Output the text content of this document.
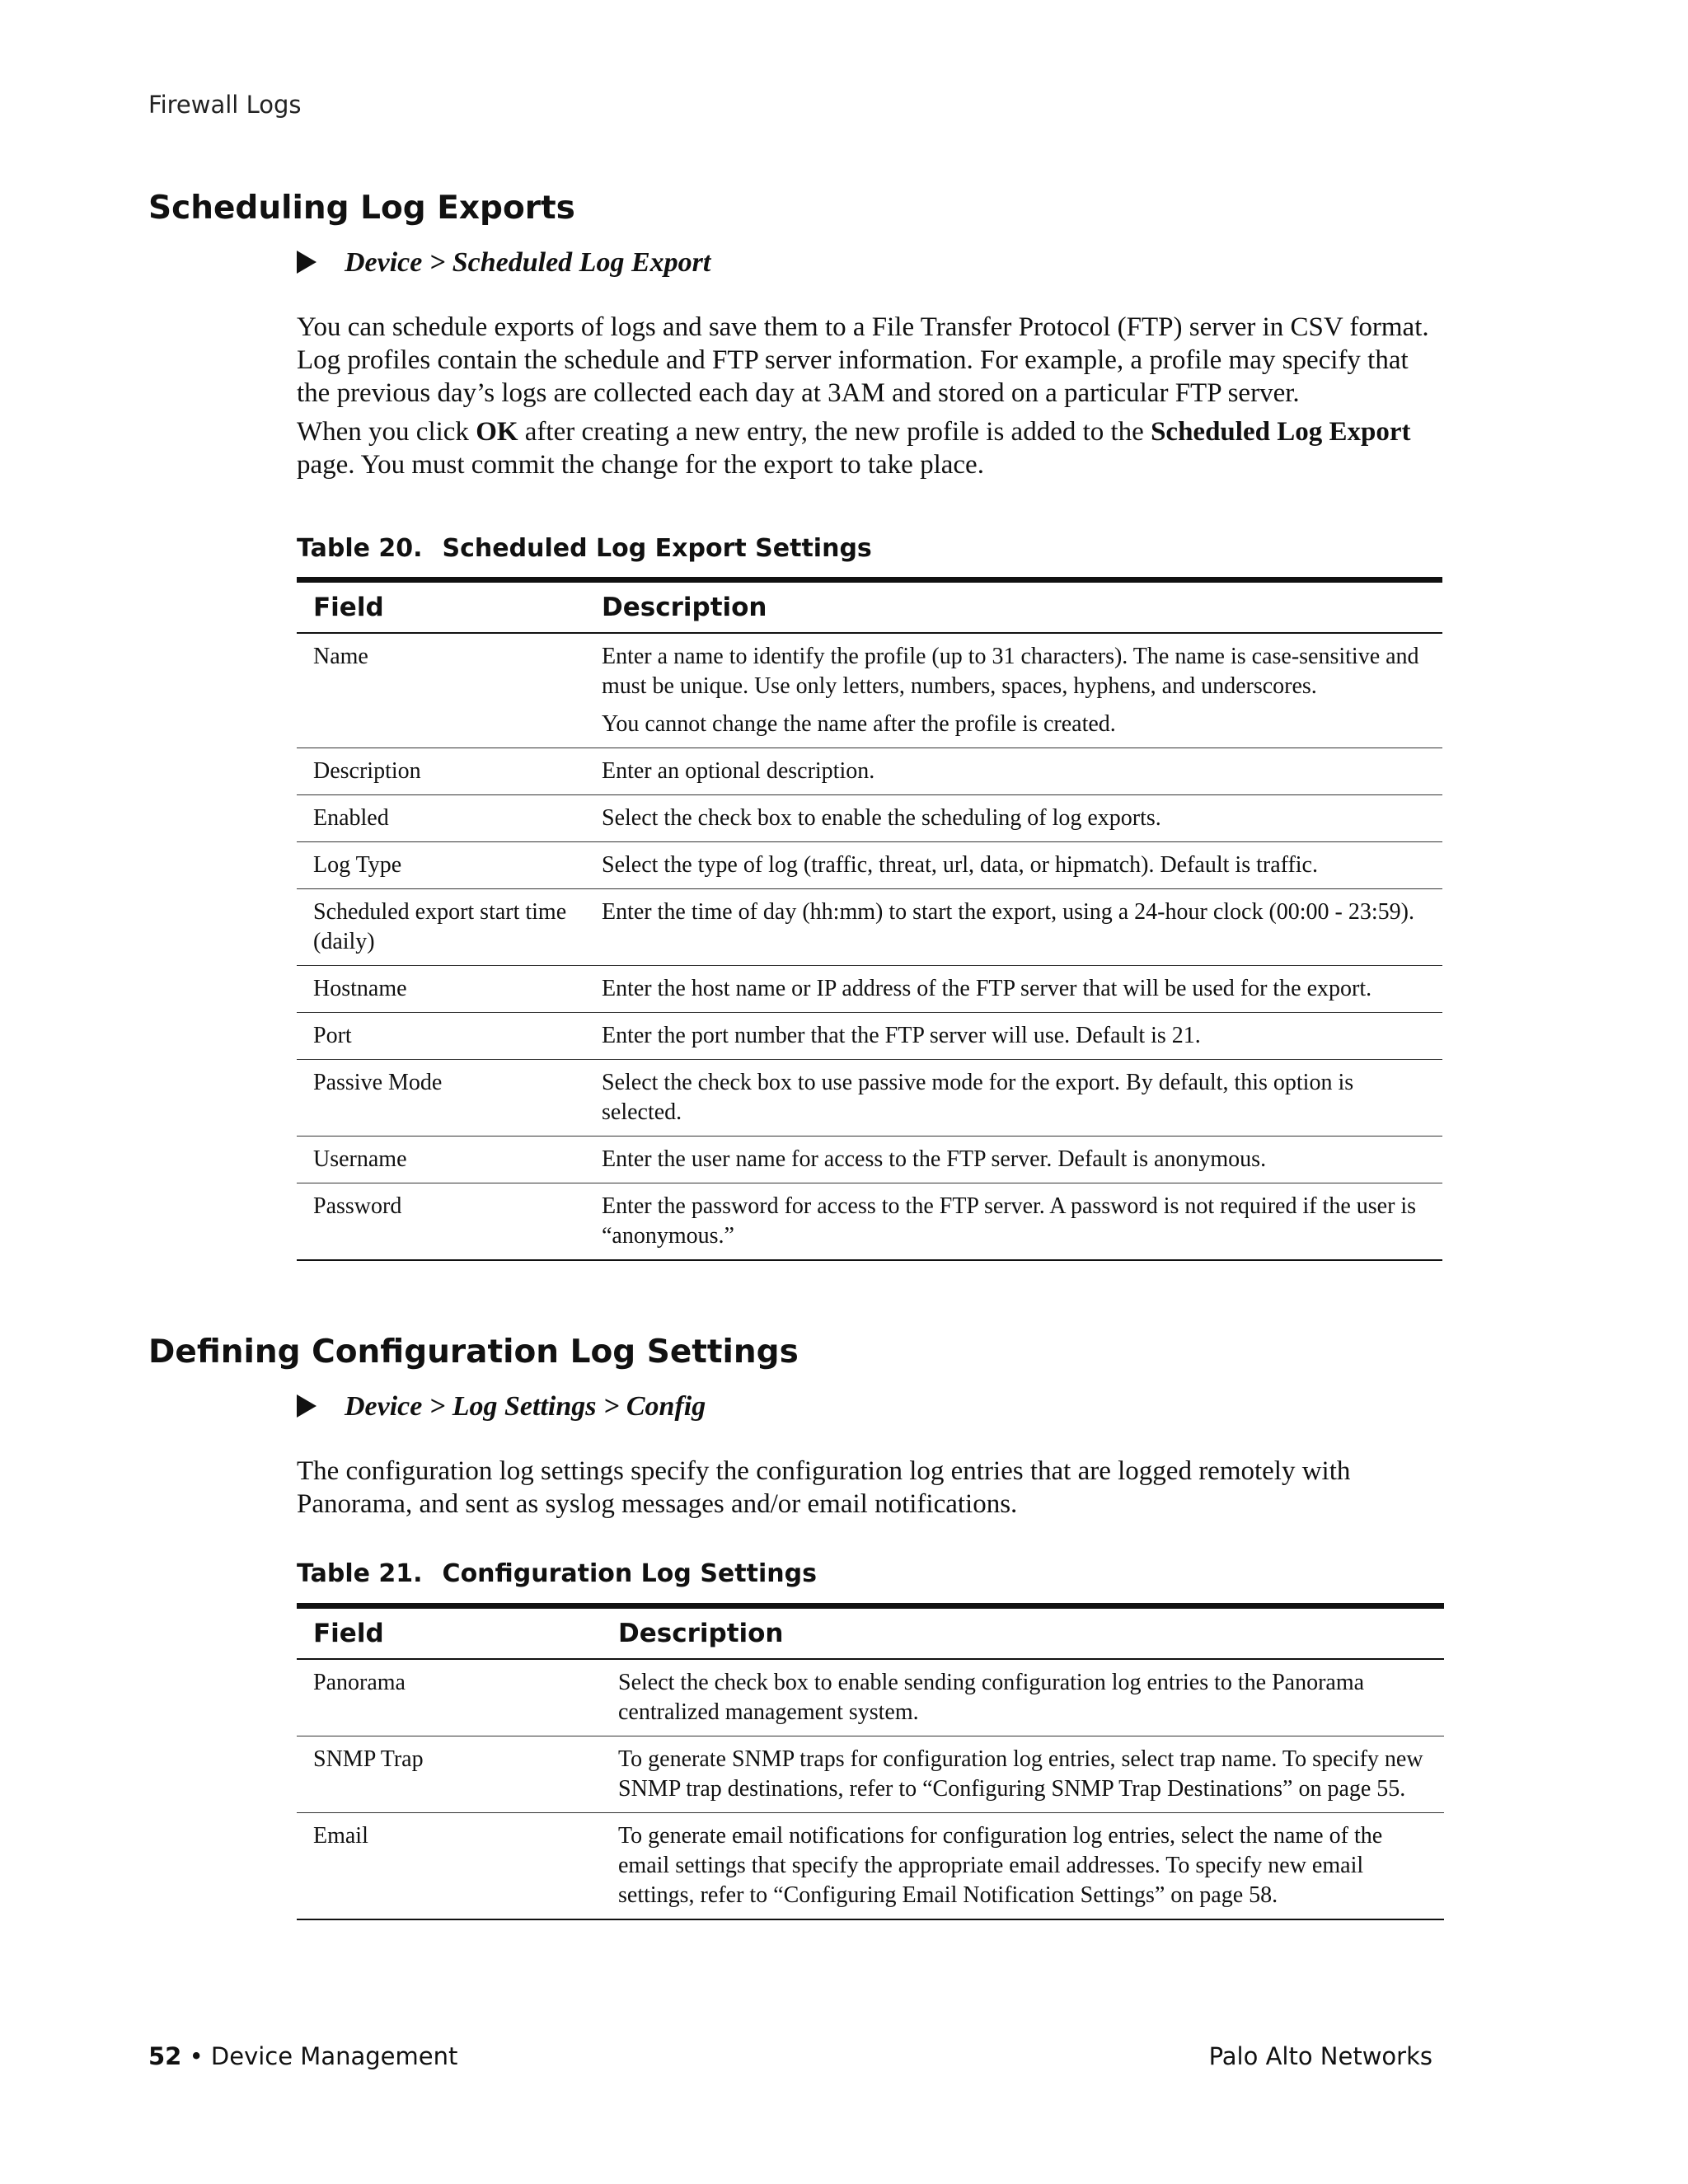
Firewall Logs
Scheduling Log Exports
Device > Scheduled Log Export

You can schedule exports of logs and save them to a File Transfer Protocol (FTP) server in CSV format. Log profiles contain the schedule and FTP server information. For example, a profile may specify that the previous day’s logs are collected each day at 3AM and stored on a particular FTP server.

When you click OK after creating a new entry, the new profile is added to the Scheduled Log Export page. You must commit the change for the export to take place.

Table 20. Scheduled Log Export Settings
Field	Description
Name	Enter a name to identify the profile (up to 31 characters). The name is case-sensitive and must be unique. Use only letters, numbers, spaces, hyphens, and underscores.

You cannot change the name after the profile is created.

Description	Enter an optional description.
Enabled	Select the check box to enable the scheduling of log exports.
Log Type	Select the type of log (traffic, threat, url, data, or hipmatch). Default is traffic.
Scheduled export start time (daily)	Enter the time of day (hh:mm) to start the export, using a 24-hour clock (00:00 - 23:59).
Hostname	Enter the host name or IP address of the FTP server that will be used for the export.
Port	Enter the port number that the FTP server will use. Default is 21.
Passive Mode	Select the check box to use passive mode for the export. By default, this option is selected.
Username	Enter the user name for access to the FTP server. Default is anonymous.
Password	Enter the password for access to the FTP server. A password is not required if the user is “anonymous.”
Defining Configuration Log Settings
Device > Log Settings > Config

The configuration log settings specify the configuration log entries that are logged remotely with Panorama, and sent as syslog messages and/or email notifications.

Table 21. Configuration Log Settings
Field	Description
Panorama	Select the check box to enable sending configuration log entries to the Panorama centralized management system.
SNMP Trap	To generate SNMP traps for configuration log entries, select trap name. To specify new SNMP trap destinations, refer to “Configuring SNMP Trap Destinations” on page 55.
Email	To generate email notifications for configuration log entries, select the name of the email settings that specify the appropriate email addresses. To specify new email settings, refer to “Configuring Email Notification Settings” on page 58.
52 • Device Management	Palo Alto Networks
